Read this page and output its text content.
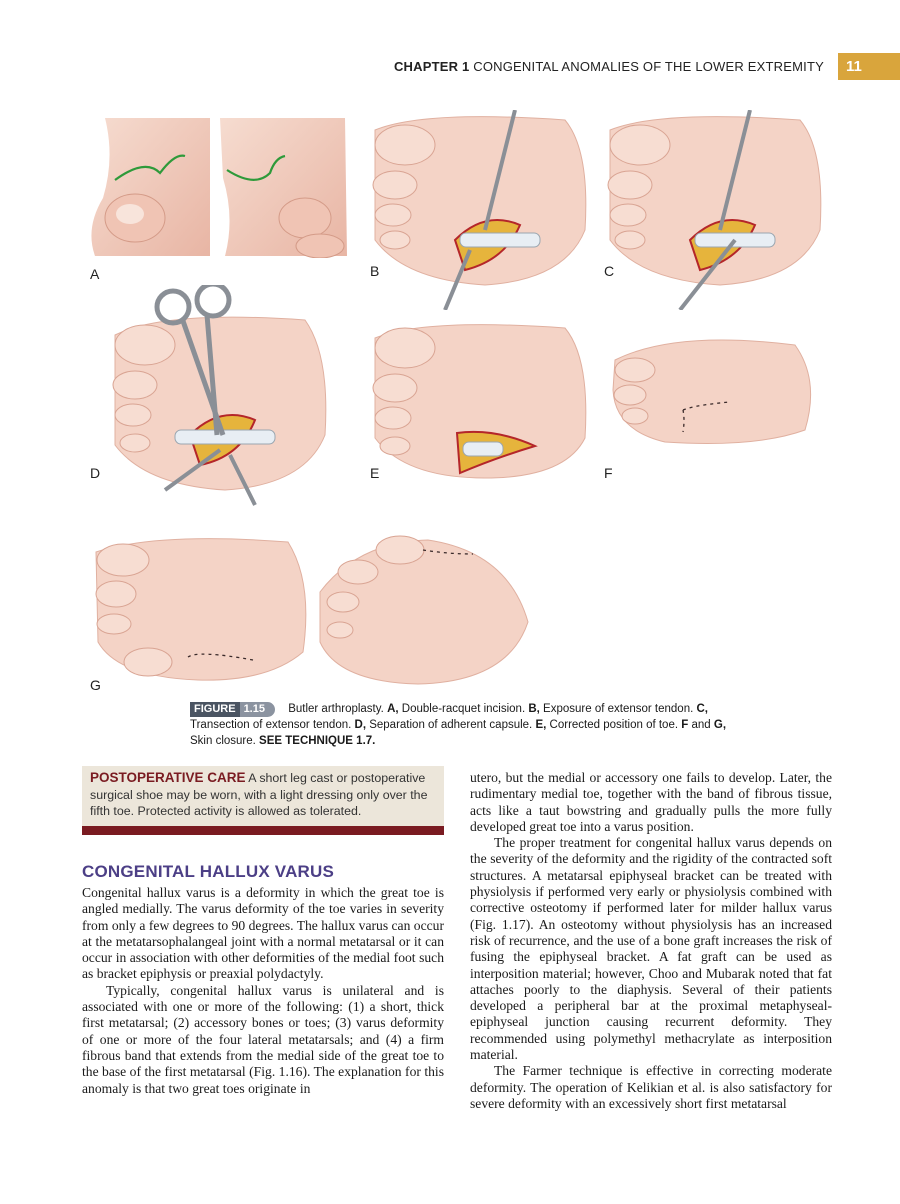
CHAPTER 1 CONGENITAL ANOMALIES OF THE LOWER EXTREMITY	11
A	B	C
D	E	F
G
FIGURE 1.15 Butler arthroplasty. A, Double-racquet incision. B, Exposure of extensor tendon. C, Transection of extensor tendon. D, Separation of adherent capsule. E, Corrected position of toe. F and G, Skin closure. SEE TECHNIQUE 1.7.
POSTOPERATIVE CARE A short leg cast or postoperative surgical shoe may be worn, with a light dressing only over the fifth toe. Protected activity is allowed as tolerated.
CONGENITAL HALLUX VARUS

Congenital hallux varus is a deformity in which the great toe is angled medially. The varus deformity of the toe varies in severity from only a few degrees to 90 degrees. The hallux varus can occur at the metatarsophalangeal joint with a normal metatarsal or it can occur in association with other deformities of the medial foot such as bracket epiphysis or preaxial polydactyly.

Typically, congenital hallux varus is unilateral and is associated with one or more of the following: (1) a short, thick first metatarsal; (2) accessory bones or toes; (3) varus deformity of one or more of the four lateral metatarsals; and (4) a firm fibrous band that extends from the medial side of the great toe to the base of the first metatarsal (Fig. 1.16). The explanation for this anomaly is that two great toes originate in

utero, but the medial or accessory one fails to develop. Later, the rudimentary medial toe, together with the band of fibrous tissue, acts like a taut bowstring and gradually pulls the more fully developed great toe into a varus position.

The proper treatment for congenital hallux varus depends on the severity of the deformity and the rigidity of the contracted soft structures. A metatarsal epiphyseal bracket can be treated with physiolysis if performed very early or physiolysis combined with corrective osteotomy if performed later for milder hallux varus (Fig. 1.17). An osteotomy without physiolysis has an increased risk of recurrence, and the use of a bone graft increases the risk of fusing the epiphyseal bracket. A fat graft can be used as interposition material; however, Choo and Mubarak noted that fat attaches poorly to the diaphysis. Several of their patients developed a peripheral bar at the proximal metaphyseal-epiphyseal junction causing recurrent deformity. They recommended using polymethyl methacrylate as interposition material.

The Farmer technique is effective in correcting moderate deformity. The operation of Kelikian et al. is also satisfactory for severe deformity with an excessively short first metatarsal
